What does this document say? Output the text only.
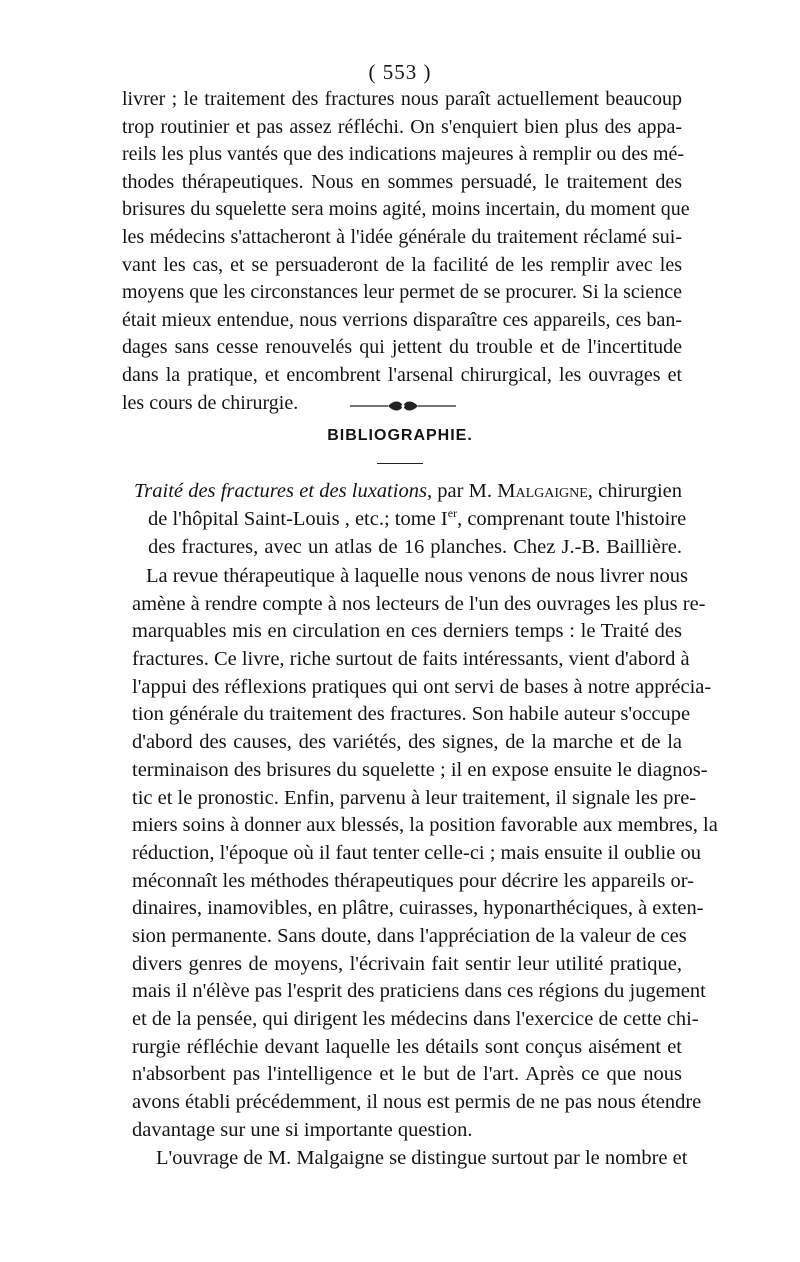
( 553 )
livrer ; le traitement des fractures nous paraît actuellement beaucoup
trop routinier et pas assez réfléchi. On s'enquiert bien plus des appa-
reils les plus vantés que des indications majeures à remplir ou des mé-
thodes thérapeutiques. Nous en sommes persuadé, le traitement des
brisures du squelette sera moins agité, moins incertain, du moment que
les médecins s'attacheront à l'idée générale du traitement réclamé sui-
vant les cas, et se persuaderont de la facilité de les remplir avec les
moyens que les circonstances leur permet de se procurer. Si la science
était mieux entendue, nous verrions disparaître ces appareils, ces ban-
dages sans cesse renouvelés qui jettent du trouble et de l'incertitude
dans la pratique, et encombrent l'arsenal chirurgical, les ouvrages et
les cours de chirurgie.
BIBLIOGRAPHIE.
Traité des fractures et des luxations, par M. Malgaigne, chirurgien
de l'hôpital Saint-Louis , etc.; tome Ier, comprenant toute l'histoire
des fractures, avec un atlas de 16 planches. Chez J.-B. Baillière.
La revue thérapeutique à laquelle nous venons de nous livrer nous
amène à rendre compte à nos lecteurs de l'un des ouvrages les plus re-
marquables mis en circulation en ces derniers temps : le Traité des
fractures. Ce livre, riche surtout de faits intéressants, vient d'abord à
l'appui des réflexions pratiques qui ont servi de bases à notre apprécia-
tion générale du traitement des fractures. Son habile auteur s'occupe
d'abord des causes, des variétés, des signes, de la marche et de la
terminaison des brisures du squelette ; il en expose ensuite le diagnos-
tic et le pronostic. Enfin, parvenu à leur traitement, il signale les pre-
miers soins à donner aux blessés, la position favorable aux membres, la
réduction, l'époque où il faut tenter celle-ci ; mais ensuite il oublie ou
méconnaît les méthodes thérapeutiques pour décrire les appareils or-
dinaires, inamovibles, en plâtre, cuirasses, hyponarthéciques, à exten-
sion permanente. Sans doute, dans l'appréciation de la valeur de ces
divers genres de moyens, l'écrivain fait sentir leur utilité pratique,
mais il n'élève pas l'esprit des praticiens dans ces régions du jugement
et de la pensée, qui dirigent les médecins dans l'exercice de cette chi-
rurgie réfléchie devant laquelle les détails sont conçus aisément et
n'absorbent pas l'intelligence et le but de l'art. Après ce que nous
avons établi précédemment, il nous est permis de ne pas nous étendre
davantage sur une si importante question.
L'ouvrage de M. Malgaigne se distingue surtout par le nombre et
